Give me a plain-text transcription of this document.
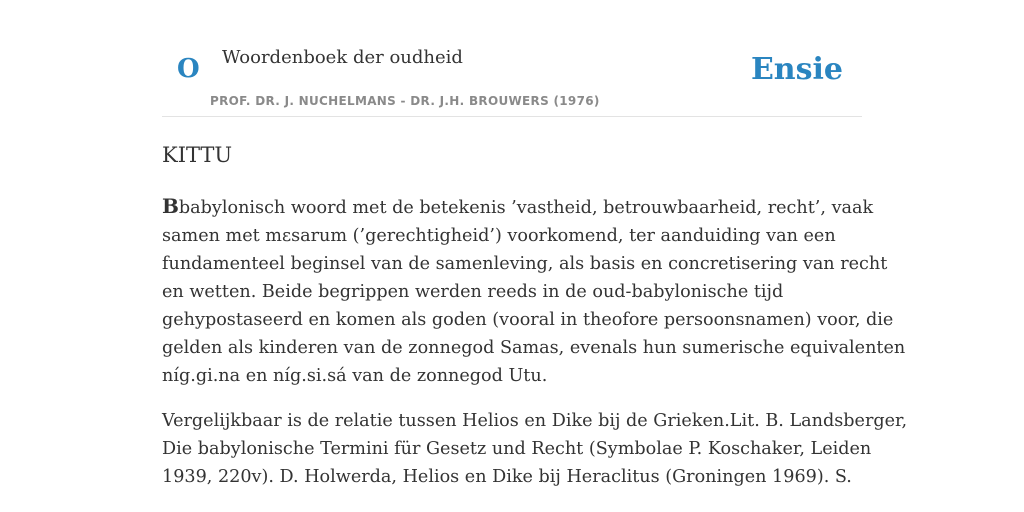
O Woordenboek der oudheid
PROF. DR. J. NUCHELMANS - DR. J.H. BROUWERS (1976)
Ensie
KITTU
Bbabylonisch woord met de betekenis ’vastheid, betrouwbaarheid, recht’, vaak
samen met mεsarum (’gerechtigheid’) voorkomend, ter aanduiding van een
fundamenteel beginsel van de samenleving, als basis en concretisering van recht
en wetten. Beide begrippen werden reeds in de oud-babylonische tijd
gehypostaseerd en komen als goden (vooral in theofore persoonsnamen) voor, die
gelden als kinderen van de zonnegod Samas, evenals hun sumerische equivalenten
níg.gi.na en níg.si.sá van de zonnegod Utu.
Vergelijkbaar is de relatie tussen Helios en Dike bij de Grieken.Lit. B. Landsberger,
Die babylonische Termini für Gesetz und Recht (Symbolae P. Koschaker, Leiden
1939, 220v). D. Holwerda, Helios en Dike bij Heraclitus (Groningen 1969). S.
